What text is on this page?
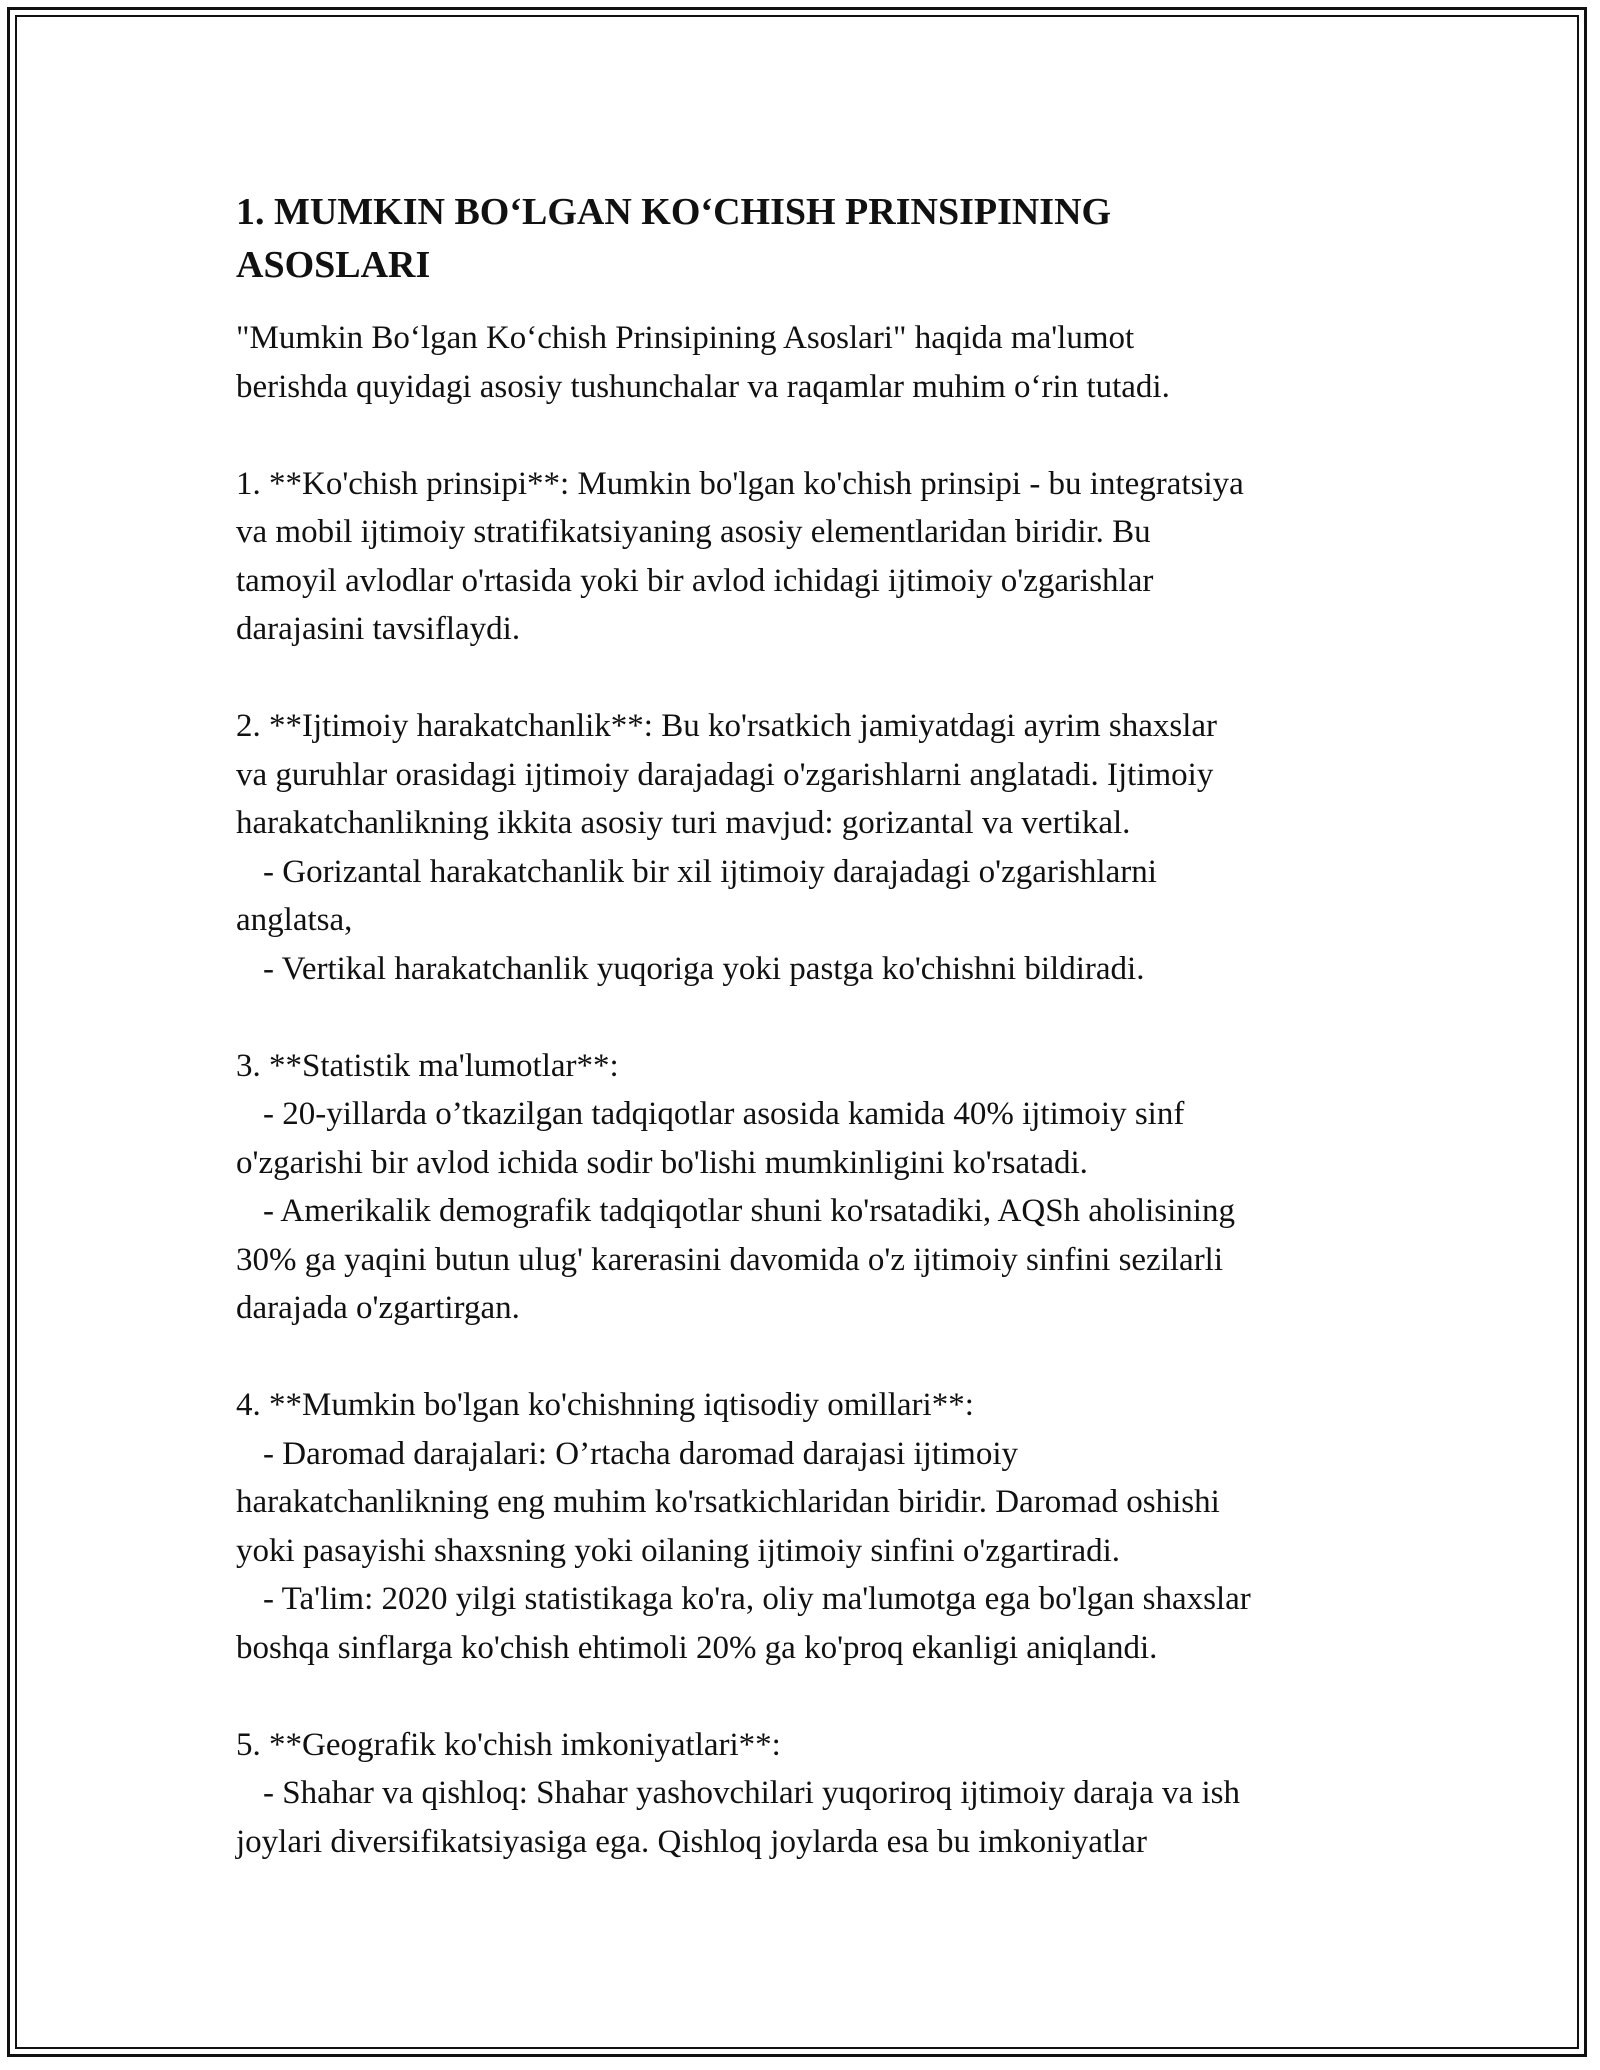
1. MUMKIN BO‘LGAN KO‘CHISH PRINSIPINING
ASOSLARI
"Mumkin Bo‘lgan Ko‘chish Prinsipining Asoslari" haqida ma'lumot
berishda quyidagi asosiy tushunchalar va raqamlar muhim o‘rin tutadi.
1. **Ko'chish prinsipi**: Mumkin bo'lgan ko'chish prinsipi - bu integratsiya
va mobil ijtimoiy stratifikatsiyaning asosiy elementlaridan biridir. Bu
tamoyil avlodlar o'rtasida yoki bir avlod ichidagi ijtimoiy o'zgarishlar
darajasini tavsiflaydi.
2. **Ijtimoiy harakatchanlik**: Bu ko'rsatkich jamiyatdagi ayrim shaxslar
va guruhlar orasidagi ijtimoiy darajadagi o'zgarishlarni anglatadi. Ijtimoiy
harakatchanlikning ikkita asosiy turi mavjud: gorizantal va vertikal.
- Gorizantal harakatchanlik bir xil ijtimoiy darajadagi o'zgarishlarni
anglatsa,
- Vertikal harakatchanlik yuqoriga yoki pastga ko'chishni bildiradi.
3. **Statistik ma'lumotlar**:
- 20-yillarda o’tkazilgan tadqiqotlar asosida kamida 40% ijtimoiy sinf
o'zgarishi bir avlod ichida sodir bo'lishi mumkinligini ko'rsatadi.
- Amerikalik demografik tadqiqotlar shuni ko'rsatadiki, AQSh aholisining
30% ga yaqini butun ulug' karerasini davomida o'z ijtimoiy sinfini sezilarli
darajada o'zgartirgan.
4. **Mumkin bo'lgan ko'chishning iqtisodiy omillari**:
- Daromad darajalari: O’rtacha daromad darajasi ijtimoiy
harakatchanlikning eng muhim ko'rsatkichlaridan biridir. Daromad oshishi
yoki pasayishi shaxsning yoki oilaning ijtimoiy sinfini o'zgartiradi.
- Ta'lim: 2020 yilgi statistikaga ko'ra, oliy ma'lumotga ega bo'lgan shaxslar
boshqa sinflarga ko'chish ehtimoli 20% ga ko'proq ekanligi aniqlandi.
5. **Geografik ko'chish imkoniyatlari**:
- Shahar va qishloq: Shahar yashovchilari yuqoriroq ijtimoiy daraja va ish
joylari diversifikatsiyasiga ega. Qishloq joylarda esa bu imkoniyatlar
